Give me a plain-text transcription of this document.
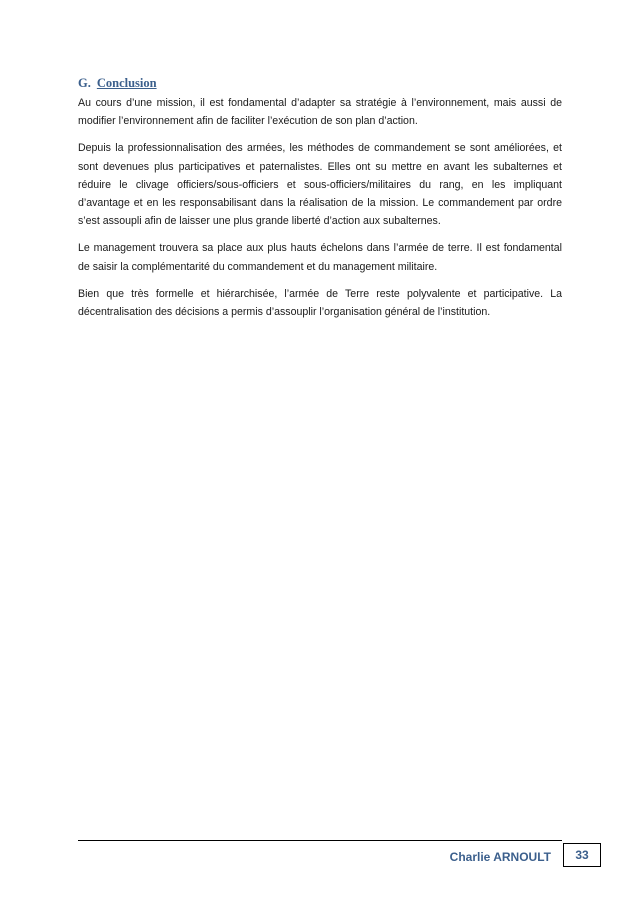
G. Conclusion

Au cours d’une mission, il est fondamental d’adapter sa stratégie à l’environnement, mais aussi de modifier l’environnement afin de faciliter l’exécution de son plan d’action.

Depuis la professionnalisation des armées, les méthodes de commandement se sont améliorées, et sont devenues plus participatives et paternalistes. Elles ont su mettre en avant les subalternes et réduire le clivage officiers/sous-officiers et sous-officiers/militaires du rang, en les impliquant d’avantage et en les responsabilisant dans la réalisation de la mission. Le commandement par ordre s’est assoupli afin de laisser une plus grande liberté d’action aux subalternes.

Le management trouvera sa place aux plus hauts échelons dans l’armée de terre. Il est fondamental de saisir la complémentarité du commandement et du management militaire.

Bien que très formelle et hiérarchisée, l’armée de Terre reste polyvalente et participative. La décentralisation des décisions a permis d’assouplir l’organisation général de l’institution.

Charlie ARNOULT 33
